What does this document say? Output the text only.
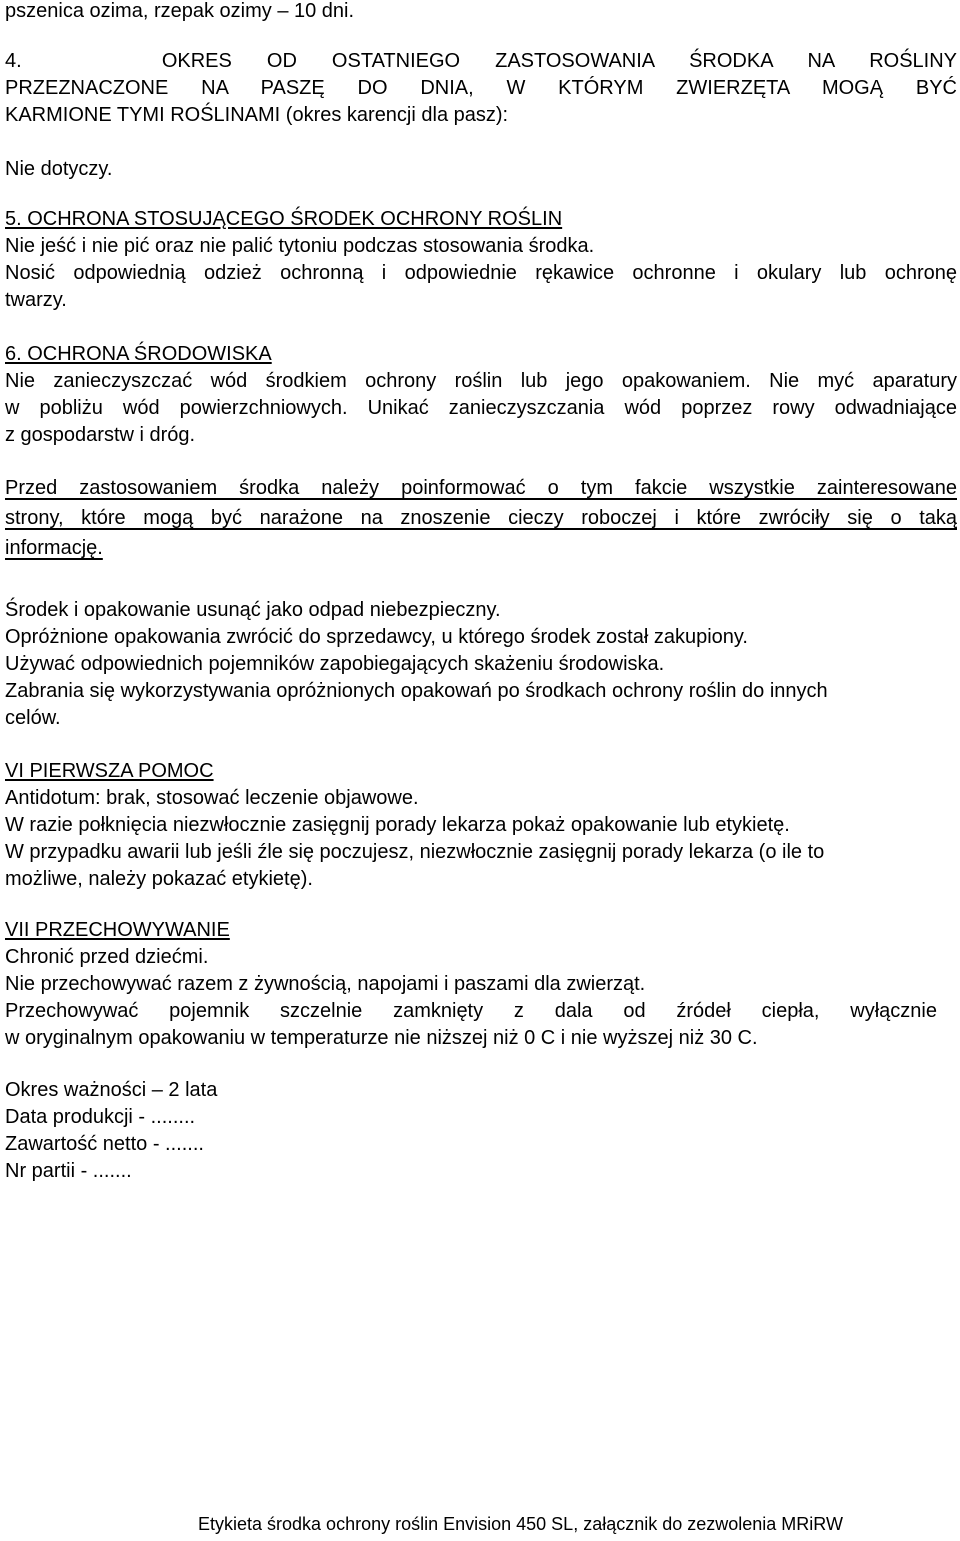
pszenica ozima, rzepak ozimy – 10 dni.

4.	OKRES OD OSTATNIEGO ZASTOSOWANIA ŚRODKA NA ROŚLINY

PRZEZNACZONE NA PASZĘ DO DNIA, W KTÓRYM ZWIERZĘTA MOGĄ BYĆ

KARMIONE TYMI ROŚLINAMI (okres karencji dla pasz):

Nie dotyczy.

5. OCHRONA STOSUJĄCEGO ŚRODEK OCHRONY ROŚLIN

Nie jeść i nie pić oraz nie palić tytoniu podczas stosowania środka.

Nosić odpowiednią odzież ochronną i odpowiednie rękawice ochronne i okulary lub ochronę

twarzy.

6. OCHRONA ŚRODOWISKA

Nie zanieczyszczać wód środkiem ochrony roślin lub jego opakowaniem. Nie myć aparatury

w pobliżu wód powierzchniowych. Unikać zanieczyszczania wód poprzez rowy odwadniające

z gospodarstw i dróg.

Przed zastosowaniem środka należy poinformować o tym fakcie wszystkie zainteresowane

strony, które mogą być narażone na znoszenie cieczy roboczej i które zwróciły się o taką

informację.

Środek i opakowanie usunąć jako odpad niebezpieczny.

Opróżnione opakowania zwrócić do sprzedawcy, u którego środek został zakupiony.

Używać odpowiednich pojemników zapobiegających skażeniu środowiska.

Zabrania się wykorzystywania opróżnionych opakowań po środkach ochrony roślin do innych

celów.

VI PIERWSZA POMOC

Antidotum: brak, stosować leczenie objawowe.

W razie połknięcia niezwłocznie zasięgnij porady lekarza pokaż opakowanie lub etykietę.

W przypadku awarii lub jeśli źle się poczujesz, niezwłocznie zasięgnij porady lekarza (o ile to

możliwe, należy pokazać etykietę).

VII PRZECHOWYWANIE

Chronić przed dziećmi.

Nie przechowywać razem z żywnością, napojami i paszami dla zwierząt.

Przechowywać pojemnik szczelnie zamknięty z dala od źródeł ciepła, wyłącznie

w oryginalnym opakowaniu w temperaturze nie niższej niż 0 C i nie wyższej niż 30 C.

Okres ważności – 2 lata

Data produkcji - ........

Zawartość netto - .......

Nr partii - .......

Etykieta środka ochrony roślin Envision 450 SL, załącznik do zezwolenia MRiRW
